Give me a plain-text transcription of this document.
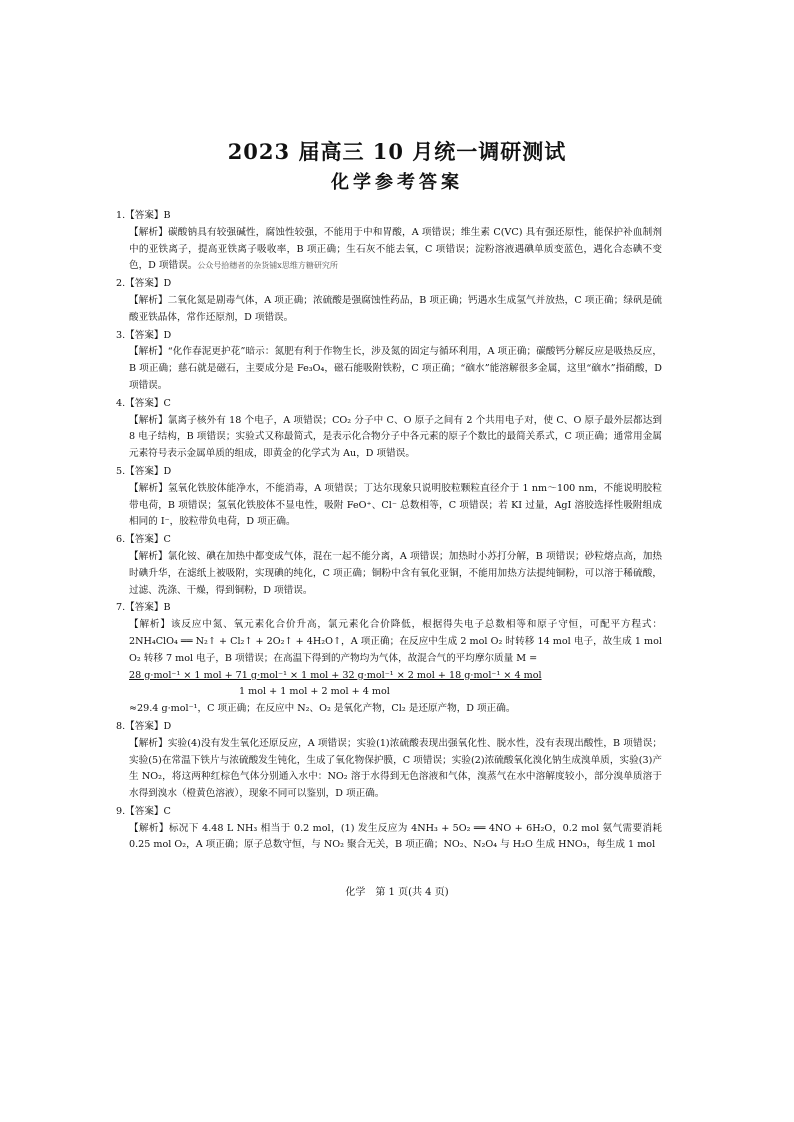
2023 届高三 10 月统一调研测试
化学参考答案

1.【答案】B

【解析】碳酸钠具有较强碱性，腐蚀性较强，不能用于中和胃酸，A 项错误；维生素 C(VC) 具有强还原性，能保护补血制剂中的亚铁离子，提高亚铁离子吸收率，B 项正确；生石灰不能去氧，C 项错误；淀粉溶液遇碘单质变蓝色，遇化合态碘不变色，D 项错误。公众号拾穗者的杂货铺x思维方糖研究所

2.【答案】D

【解析】二氧化氮是剧毒气体，A 项正确；浓硫酸是强腐蚀性药品，B 项正确；钙遇水生成氢气并放热，C 项正确；绿矾是硫酸亚铁晶体，常作还原剂，D 项错误。

3.【答案】D

【解析】“化作春泥更护花”暗示：氮肥有利于作物生长，涉及氮的固定与循环利用，A 项正确；碳酸钙分解反应是吸热反应，B 项正确；慈石就是磁石，主要成分是 Fe₃O₄，磁石能吸附铁粉，C 项正确；“硇水”能溶解很多金属，这里“硇水”指硝酸，D 项错误。

4.【答案】C

【解析】氯离子核外有 18 个电子，A 项错误；CO₂ 分子中 C、O 原子之间有 2 个共用电子对，使 C、O 原子最外层都达到 8 电子结构，B 项错误；实验式又称最简式，是表示化合物分子中各元素的原子个数比的最简关系式，C 项正确；通常用金属元素符号表示金属单质的组成，即黄金的化学式为 Au，D 项错误。

5.【答案】D

【解析】氢氧化铁胶体能净水，不能消毒，A 项错误；丁达尔现象只说明胶粒颗粒直径介于 1 nm～100 nm，不能说明胶粒带电荷，B 项错误；氢氧化铁胶体不显电性，吸附 FeO⁺、Cl⁻ 总数相等，C 项错误；若 KI 过量，AgI 溶胶选择性吸附组成相同的 I⁻，胶粒带负电荷，D 项正确。

6.【答案】C

【解析】氯化铵、碘在加热中都变成气体，混在一起不能分离，A 项错误；加热时小苏打分解，B 项错误；砂粒熔点高，加热时碘升华，在滤纸上被吸附，实现碘的纯化，C 项正确；铜粉中含有氧化亚铜，不能用加热方法提纯铜粉，可以溶于稀硫酸，过滤、洗涤、干燥，得到铜粉，D 项错误。

7.【答案】B

【解析】该反应中氮、氧元素化合价升高，氯元素化合价降低，根据得失电子总数相等和原子守恒，可配平方程式：2NH₄ClO₄ ══ N₂↑ + Cl₂↑ + 2O₂↑ + 4H₂O↑，A 项正确；在反应中生成 2 mol O₂ 时转移 14 mol 电子，故生成 1 mol O₂ 转移 7 mol 电子，B 项错误；在高温下得到的产物均为气体，故混合气的平均摩尔质量 M =
28 g·mol⁻¹ × 1 mol + 71 g·mol⁻¹ × 1 mol + 32 g·mol⁻¹ × 2 mol + 18 g·mol⁻¹ × 4 mol
1 mol + 1 mol + 2 mol + 4 mol
≈29.4 g·mol⁻¹，C 项正确；在反应中 N₂、O₂ 是氧化产物，Cl₂ 是还原产物，D 项正确。

8.【答案】D

【解析】实验(4)没有发生氧化还原反应，A 项错误；实验(1)浓硫酸表现出强氧化性、脱水性，没有表现出酸性，B 项错误；实验(5)在常温下铁片与浓硫酸发生钝化，生成了氧化物保护膜，C 项错误；实验(2)浓硫酸氧化溴化钠生成溴单质，实验(3)产生 NO₂，将这两种红棕色气体分别通入水中：NO₂ 溶于水得到无色溶液和气体，溴蒸气在水中溶解度较小，部分溴单质溶于水得到溴水（橙黄色溶液），现象不同可以鉴别，D 项正确。

9.【答案】C

【解析】标况下 4.48 L NH₃ 相当于 0.2 mol，(1) 发生反应为 4NH₃ + 5O₂ ══ 4NO + 6H₂O，0.2 mol 氨气需要消耗 0.25 mol O₂，A 项正确；原子总数守恒，与 NO₂ 聚合无关，B 项正确；NO₂、N₂O₄ 与 H₂O 生成 HNO₃，每生成 1 mol

化学　第 1 页(共 4 页)
